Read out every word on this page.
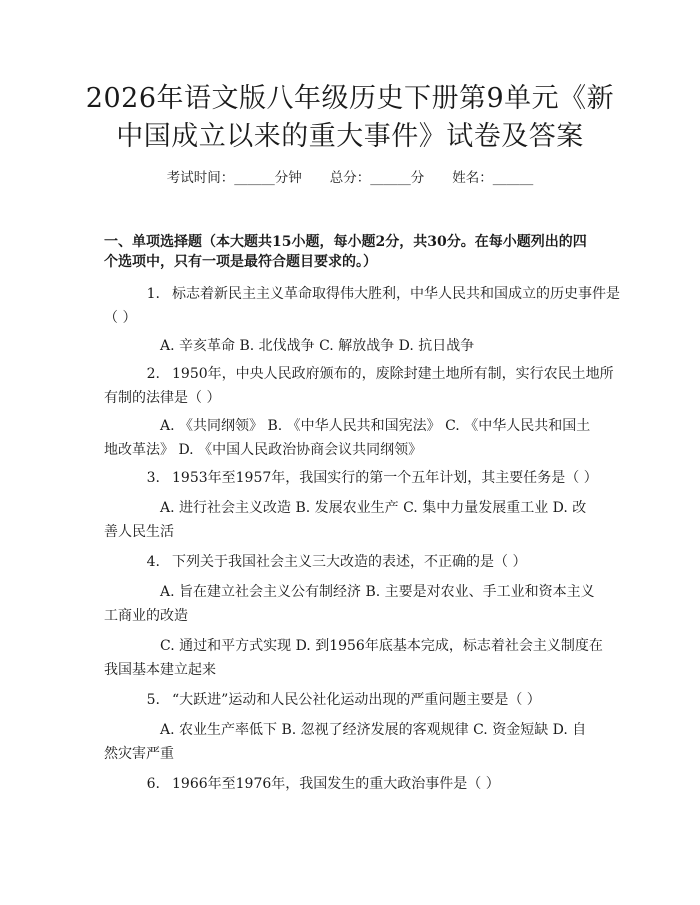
2026年语文版八年级历史下册第9单元《新
中国成立以来的重大事件》试卷及答案
考试时间：______分钟 总分：______分 姓名：______
一、单项选择题（本大题共15小题，每小题2分，共30分。在每小题列出的四
个选项中，只有一项是最符合题目要求的。）
1. 标志着新民主主义革命取得伟大胜利，中华人民共和国成立的历史事件是
（ ）
A. 辛亥革命 B. 北伐战争 C. 解放战争 D. 抗日战争
2. 1950年，中央人民政府颁布的，废除封建土地所有制，实行农民土地所
有制的法律是（ ）
A. 《共同纲领》 B. 《中华人民共和国宪法》 C. 《中华人民共和国土
地改革法》 D. 《中国人民政治协商会议共同纲领》
3. 1953年至1957年，我国实行的第一个五年计划，其主要任务是（ ）
A. 进行社会主义改造 B. 发展农业生产 C. 集中力量发展重工业 D. 改
善人民生活
4. 下列关于我国社会主义三大改造的表述，不正确的是（ ）
A. 旨在建立社会主义公有制经济 B. 主要是对农业、手工业和资本主义
工商业的改造
C. 通过和平方式实现 D. 到1956年底基本完成，标志着社会主义制度在
我国基本建立起来
5. “大跃进”运动和人民公社化运动出现的严重问题主要是（ ）
A. 农业生产率低下 B. 忽视了经济发展的客观规律 C. 资金短缺 D. 自
然灾害严重
6. 1966年至1976年，我国发生的重大政治事件是（ ）
